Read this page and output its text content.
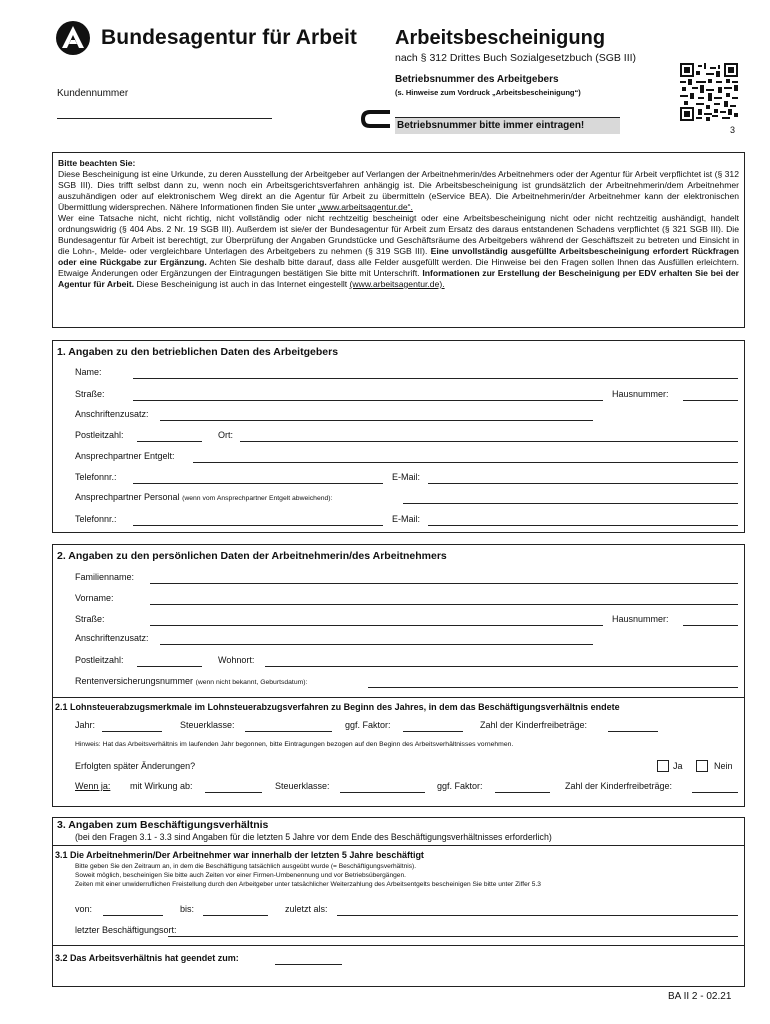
Bundesagentur für Arbeit Arbeitsbescheinigung
nach § 312 Drittes Buch Sozialgesetzbuch (SGB III)
Betriebsnummer des Arbeitgebers
(s. Hinweise zum Vordruck „Arbeitsbescheinigung“)
Kundennummer
Betriebsnummer bitte immer eintragen!	3
Bitte beachten Sie:
Diese Bescheinigung ist eine Urkunde, zu deren Ausstellung der Arbeitgeber auf Verlangen der Arbeitnehmerin/des Arbeitnehmers oder der Agentur für Arbeit verpflichtet ist (§ 312 SGB III). Dies trifft selbst dann zu, wenn noch ein Arbeitsgerichtsverfahren anhängig ist. Die Arbeitsbescheinigung ist grundsätzlich der Arbeitnehmerin/dem Arbeitnehmer auszuhändigen oder auf elektronischem Weg direkt an die Agentur für Arbeit zu übermitteln (eService BEA). Die Arbeitnehmerin/der Arbeitnehmer kann der elektronischen Übermittlung widersprechen. Nähere Informationen finden Sie unter „www.arbeitsagentur.de“.
Wer eine Tatsache nicht, nicht richtig, nicht vollständig oder nicht rechtzeitig bescheinigt oder eine Arbeitsbescheinigung nicht oder nicht rechtzeitig aushändigt, handelt ordnungswidrig (§ 404 Abs. 2 Nr. 19 SGB III). Außerdem ist sie/er der Bundesagentur für Arbeit zum Ersatz des daraus entstandenen Schadens verpflichtet (§ 321 SGB III). Die Bundesagentur für Arbeit ist berechtigt, zur Überprüfung der Angaben Grundstücke und Geschäftsräume des Arbeitgebers während der Geschäftszeit zu betreten und Einsicht in die Lohn-, Melde- oder vergleichbare Unterlagen des Arbeitgebers zu nehmen (§ 319 SGB III). Eine unvollständig ausgefüllte Arbeitsbescheinigung erfordert Rückfragen oder eine Rückgabe zur Ergänzung. Achten Sie deshalb bitte darauf, dass alle Felder ausgefüllt werden. Die Hinweise bei den Fragen sollen Ihnen das Ausfüllen erleichtern. Etwaige Änderungen oder Ergänzungen der Eintragungen bestätigen Sie bitte mit Unterschrift. Informationen zur Erstellung der Bescheinigung per EDV erhalten Sie bei der Agentur für Arbeit. Diese Bescheinigung ist auch in das Internet eingestellt (www.arbeitsagentur.de).
1. Angaben zu den betrieblichen Daten des Arbeitgebers
Name:
Straße:	Hausnummer:
Anschriftenzusatz:
Postleitzahl:	Ort:
Ansprechpartner Entgelt:
Telefonnr.:	E-Mail:
Ansprechpartner Personal (wenn vom Ansprechpartner Entgelt abweichend):
Telefonnr.:	E-Mail:
2. Angaben zu den persönlichen Daten der Arbeitnehmerin/des Arbeitnehmers
Familienname:
Vorname:
Straße:	Hausnummer:
Anschriftenzusatz:
Postleitzahl:	Wohnort:
Rentenversicherungsnummer (wenn nicht bekannt, Geburtsdatum):
2.1 Lohnsteuerabzugsmerkmale im Lohnsteuerabzugsverfahren zu Beginn des Jahres, in dem das Beschäftigungsverhältnis endete
Jahr:	Steuerklasse:	ggf. Faktor:	Zahl der Kinderfreibeträge:
Hinweis: Hat das Arbeitsverhältnis im laufenden Jahr begonnen, bitte Eintragungen bezogen auf den Beginn des Arbeitsverhältnisses vornehmen.
Erfolgten später Änderungen?	Ja	Nein
Wenn ja: mit Wirkung ab:	Steuerklasse:	ggf. Faktor:	Zahl der Kinderfreibeträge:
3. Angaben zum Beschäftigungsverhältnis
(bei den Fragen 3.1 - 3.3 sind Angaben für die letzten 5 Jahre vor dem Ende des Beschäftigungsverhältnisses erforderlich)
3.1 Die Arbeitnehmerin/Der Arbeitnehmer war innerhalb der letzten 5 Jahre beschäftigt
Bitte geben Sie den Zeitraum an, in dem die Beschäftigung tatsächlich ausgeübt wurde (= Beschäftigungsverhältnis).
Soweit möglich, bescheinigen Sie bitte auch Zeiten vor einer Firmen-Umbenennung und vor Betriebsübergängen.
Zeiten mit einer unwiderruflichen Freistellung durch den Arbeitgeber unter tatsächlicher Weiterzahlung des Arbeitsentgelts bescheinigen Sie bitte unter Ziffer 5.3
von:	bis:	zuletzt als:
letzter Beschäftigungsort:
3.2 Das Arbeitsverhältnis hat geendet zum:
BA II 2 - 02.21
